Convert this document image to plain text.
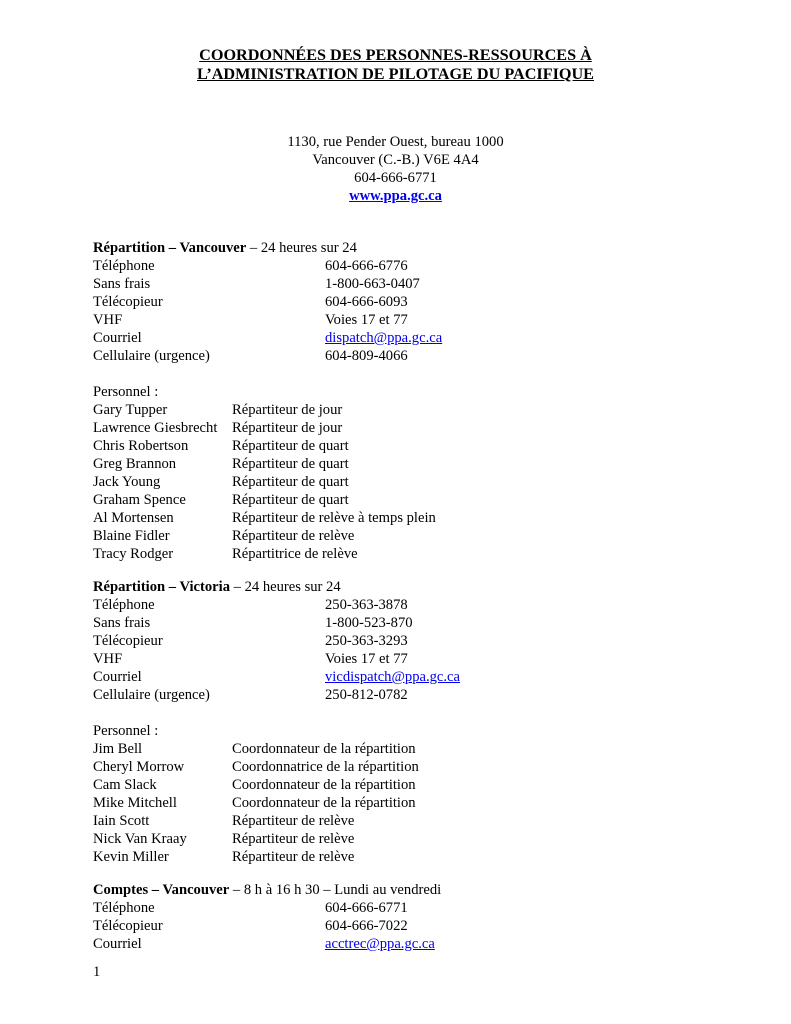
COORDONNÉES DES PERSONNES-RESSOURCES À
L’ADMINISTRATION DE PILOTAGE DU PACIFIQUE
1130, rue Pender Ouest, bureau 1000
Vancouver (C.-B.) V6E 4A4
604-666-6771
www.ppa.gc.ca
Répartition – Vancouver – 24 heures sur 24
Téléphone	604-666-6776
Sans frais	1-800-663-0407
Télécopieur	604-666-6093
VHF	Voies 17 et 77
Courriel	dispatch@ppa.gc.ca
Cellulaire (urgence)	604-809-4066
Personnel :
Gary Tupper	Répartiteur de jour
Lawrence Giesbrecht Répartiteur de jour
Chris Robertson	Répartiteur de quart
Greg Brannon	Répartiteur de quart
Jack Young	Répartiteur de quart
Graham Spence	Répartiteur de quart
Al Mortensen	Répartiteur de relève à temps plein
Blaine Fidler	Répartiteur de relève
Tracy Rodger	Répartitrice de relève
Répartition – Victoria – 24 heures sur 24
Téléphone	250-363-3878
Sans frais	1-800-523-870
Télécopieur	250-363-3293
VHF	Voies 17 et 77
Courriel	vicdispatch@ppa.gc.ca
Cellulaire (urgence)	250-812-0782
Personnel :
Jim Bell	Coordonnateur de la répartition
Cheryl Morrow	Coordonnatrice de la répartition
Cam Slack	Coordonnateur de la répartition
Mike Mitchell	Coordonnateur de la répartition
Iain Scott	Répartiteur de relève
Nick Van Kraay	Répartiteur de relève
Kevin Miller	Répartiteur de relève
Comptes – Vancouver – 8 h à 16 h 30 – Lundi au vendredi
Téléphone	604-666-6771
Télécopieur	604-666-7022
Courriel	acctrec@ppa.gc.ca
1
